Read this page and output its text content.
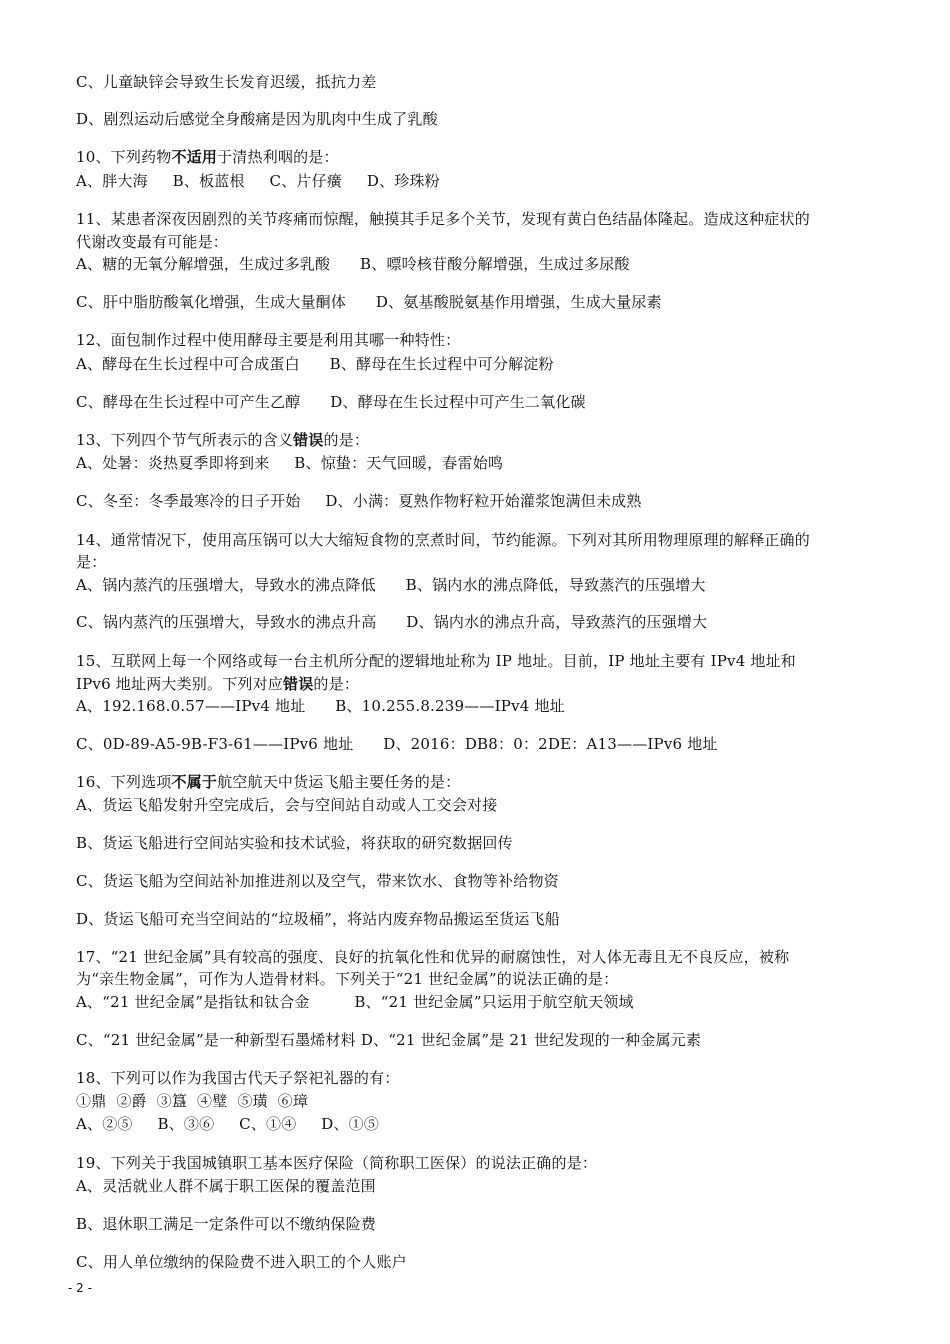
C、儿童缺锌会导致生长发育迟缓，抵抗力差
D、剧烈运动后感觉全身酸痛是因为肌肉中生成了乳酸
10、下列药物不适用于清热利咽的是：
A、胖大海     B、板蓝根     C、片仔癀     D、珍珠粉
11、某患者深夜因剧烈的关节疼痛而惊醒，触摸其手足多个关节，发现有黄白色结晶体隆起。造成这种症状的
代谢改变最有可能是：
A、糖的无氧分解增强，生成过多乳酸      B、嘌呤核苷酸分解增强，生成过多尿酸
C、肝中脂肪酸氧化增强，生成大量酮体      D、氨基酸脱氨基作用增强，生成大量尿素
12、面包制作过程中使用酵母主要是利用其哪一种特性：
A、酵母在生长过程中可合成蛋白      B、酵母在生长过程中可分解淀粉
C、酵母在生长过程中可产生乙醇      D、酵母在生长过程中可产生二氧化碳
13、下列四个节气所表示的含义错误的是：
A、处暑：炎热夏季即将到来     B、惊蛰：天气回暖，春雷始鸣
C、冬至：冬季最寒冷的日子开始     D、小满：夏熟作物籽粒开始灌浆饱满但未成熟
14、通常情况下，使用高压锅可以大大缩短食物的烹煮时间，节约能源。下列对其所用物理原理的解释正确的
是：
A、锅内蒸汽的压强增大，导致水的沸点降低      B、锅内水的沸点降低，导致蒸汽的压强增大
C、锅内蒸汽的压强增大，导致水的沸点升高      D、锅内水的沸点升高，导致蒸汽的压强增大
15、互联网上每一个网络或每一台主机所分配的逻辑地址称为 IP 地址。目前，IP 地址主要有 IPv4 地址和
IPv6 地址两大类别。下列对应错误的是：
A、192.168.0.57——IPv4 地址      B、10.255.8.239——IPv4 地址
C、0D-89-A5-9B-F3-61——IPv6 地址      D、2016：DB8：0：2DE：A13——IPv6 地址
16、下列选项不属于航空航天中货运飞船主要任务的是：
A、货运飞船发射升空完成后，会与空间站自动或人工交会对接
B、货运飞船进行空间站实验和技术试验，将获取的研究数据回传
C、货运飞船为空间站补加推进剂以及空气，带来饮水、食物等补给物资
D、货运飞船可充当空间站的“垃圾桶”，将站内废弃物品搬运至货运飞船
17、“21 世纪金属”具有较高的强度、良好的抗氧化性和优异的耐腐蚀性，对人体无毒且无不良反应，被称
为“亲生物金属”，可作为人造骨材料。下列关于“21 世纪金属”的说法正确的是：
A、“21 世纪金属”是指钛和钛合金         B、“21 世纪金属”只运用于航空航天领域
C、“21 世纪金属”是一种新型石墨烯材料 D、“21 世纪金属”是 21 世纪发现的一种金属元素
18、下列可以作为我国古代天子祭祀礼器的有：
①鼎  ②爵  ③簋  ④璧  ⑤璜  ⑥璋
A、②⑤     B、③⑥     C、①④     D、①⑤
19、下列关于我国城镇职工基本医疗保险（简称职工医保）的说法正确的是：
A、灵活就业人群不属于职工医保的覆盖范围
B、退休职工满足一定条件可以不缴纳保险费
C、用人单位缴纳的保险费不进入职工的个人账户
- 2 -
